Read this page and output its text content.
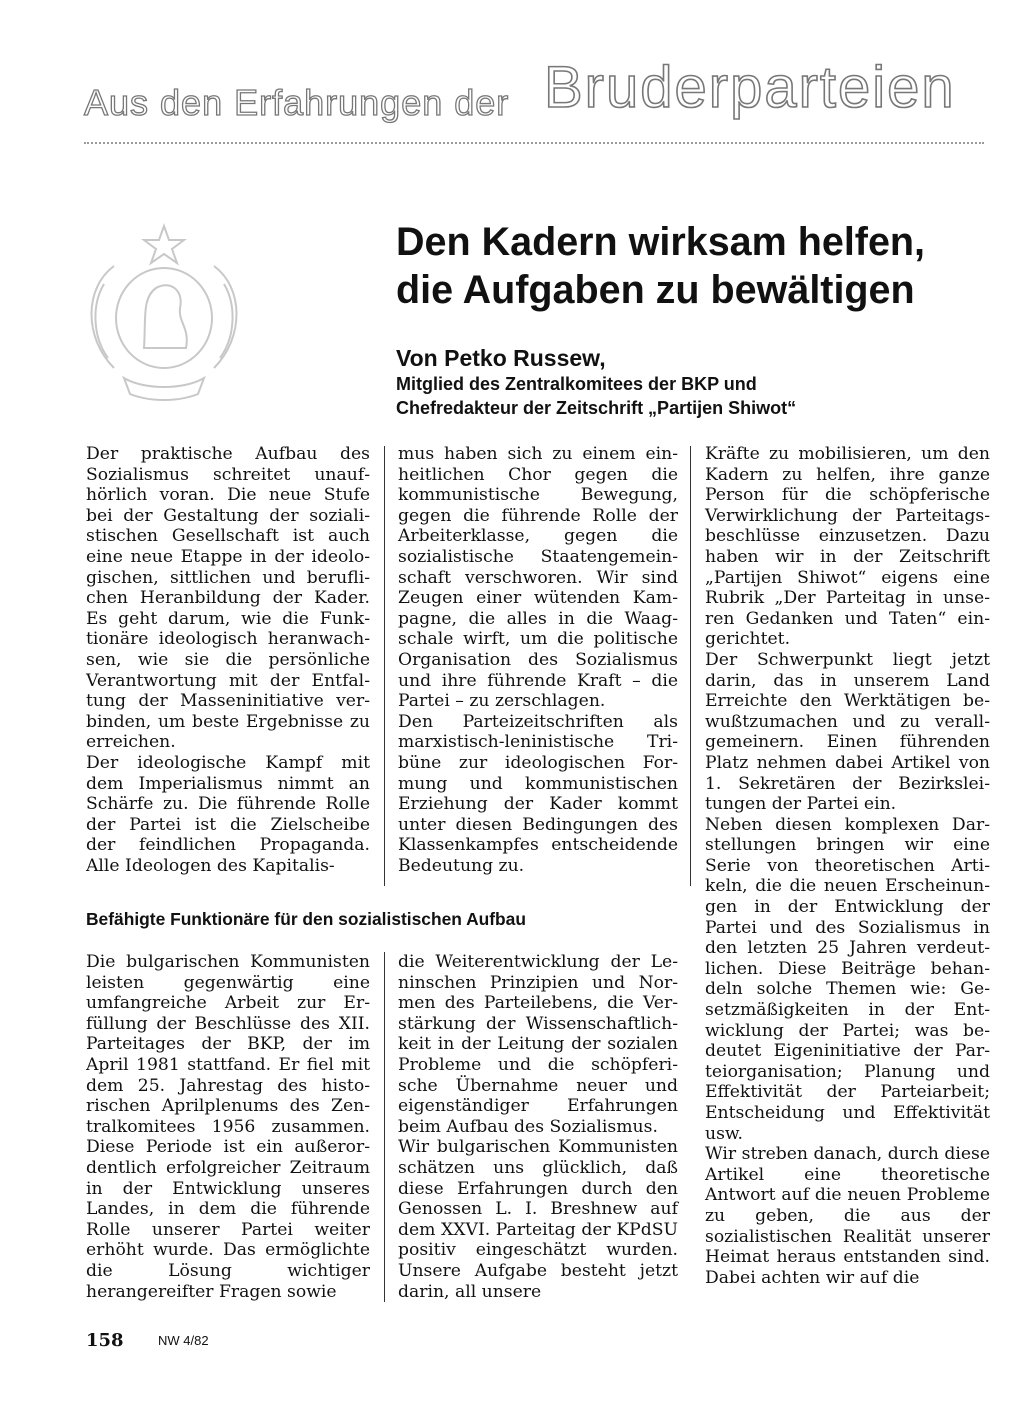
Aus den Erfahrungen der Bruderparteien
Den Kadern wirksam helfen,
die Aufgaben zu bewältigen
Von Petko Russew,
Mitglied des Zentralkomitees der BKP und
Chefredakteur der Zeitschrift „Partijen Shiwot“

Der praktische Aufbau des Sozialismus schreitet unaufhörlich voran. Die neue Stufe bei der Gestaltung der sozialistischen Gesellschaft ist auch eine neue Etappe in der ideologischen, sittlichen und beruflichen Heranbildung der Kader. Es geht darum, wie die Funktionäre ideologisch heranwachsen, wie sie die persönliche Verantwortung mit der Entfaltung der Masseninitiative verbinden, um beste Ergebnisse zu erreichen.

Der ideologische Kampf mit dem Imperialismus nimmt an Schärfe zu. Die führende Rolle der Partei ist die Zielscheibe der feindlichen Propaganda. Alle Ideologen des Kapitalis-

mus haben sich zu einem einheitlichen Chor gegen die kommunistische Bewegung, gegen die führende Rolle der Arbeiterklasse, gegen die sozialistische Staatengemeinschaft verschworen. Wir sind Zeugen einer wütenden Kampagne, die alles in die Waagschale wirft, um die politische Organisation des Sozialismus und ihre führende Kraft – die Partei – zu zerschlagen.

Den Parteizeitschriften als marxistisch-leninistische Tribüne zur ideologischen Formung und kommunistischen Erziehung der Kader kommt unter diesen Bedingungen des Klassenkampfes entscheidende Bedeutung zu.

Kräfte zu mobilisieren, um den Kadern zu helfen, ihre ganze Person für die schöpferische Verwirklichung der Parteitagsbeschlüsse einzusetzen. Dazu haben wir in der Zeitschrift „Partijen Shiwot“ eigens eine Rubrik „Der Parteitag in unseren Gedanken und Taten“ eingerichtet.

Der Schwerpunkt liegt jetzt darin, das in unserem Land Erreichte den Werktätigen bewußtzumachen und zu verallgemeinern. Einen führenden Platz nehmen dabei Artikel von 1. Sekretären der Bezirksleitungen der Partei ein.

Neben diesen komplexen Darstellungen bringen wir eine Serie von theoretischen Artikeln, die die neuen Erscheinungen in der Entwicklung der Partei und des Sozialismus in den letzten 25 Jahren verdeutlichen. Diese Beiträge behandeln solche Themen wie: Gesetzmäßigkeiten in der Entwicklung der Partei; was bedeutet Eigeninitiative der Parteiorganisation; Planung und Effektivität der Parteiarbeit; Entscheidung und Effektivität usw.

Wir streben danach, durch diese Artikel eine theoretische Antwort auf die neuen Probleme zu geben, die aus der sozialistischen Realität unserer Heimat heraus entstanden sind. Dabei achten wir auf die

Befähigte Funktionäre für den sozialistischen Aufbau

Die bulgarischen Kommunisten leisten gegenwärtig eine umfangreiche Arbeit zur Erfüllung der Beschlüsse des XII. Parteitages der BKP, der im April 1981 stattfand. Er fiel mit dem 25. Jahrestag des historischen Aprilplenums des Zentralkomitees 1956 zusammen. Diese Periode ist ein außerordentlich erfolgreicher Zeitraum in der Entwicklung unseres Landes, in dem die führende Rolle unserer Partei weiter erhöht wurde. Das ermöglichte die Lösung wichtiger herangereifter Fragen sowie

die Weiterentwicklung der Leninschen Prinzipien und Normen des Parteilebens, die Verstärkung der Wissenschaftlichkeit in der Leitung der sozialen Probleme und die schöpferische Übernahme neuer und eigenständiger Erfahrungen beim Aufbau des Sozialismus.

Wir bulgarischen Kommunisten schätzen uns glücklich, daß diese Erfahrungen durch den Genossen L. I. Breshnew auf dem XXVI. Parteitag der KPdSU positiv eingeschätzt wurden. Unsere Aufgabe besteht jetzt darin, all unsere

158	NW 4/82
